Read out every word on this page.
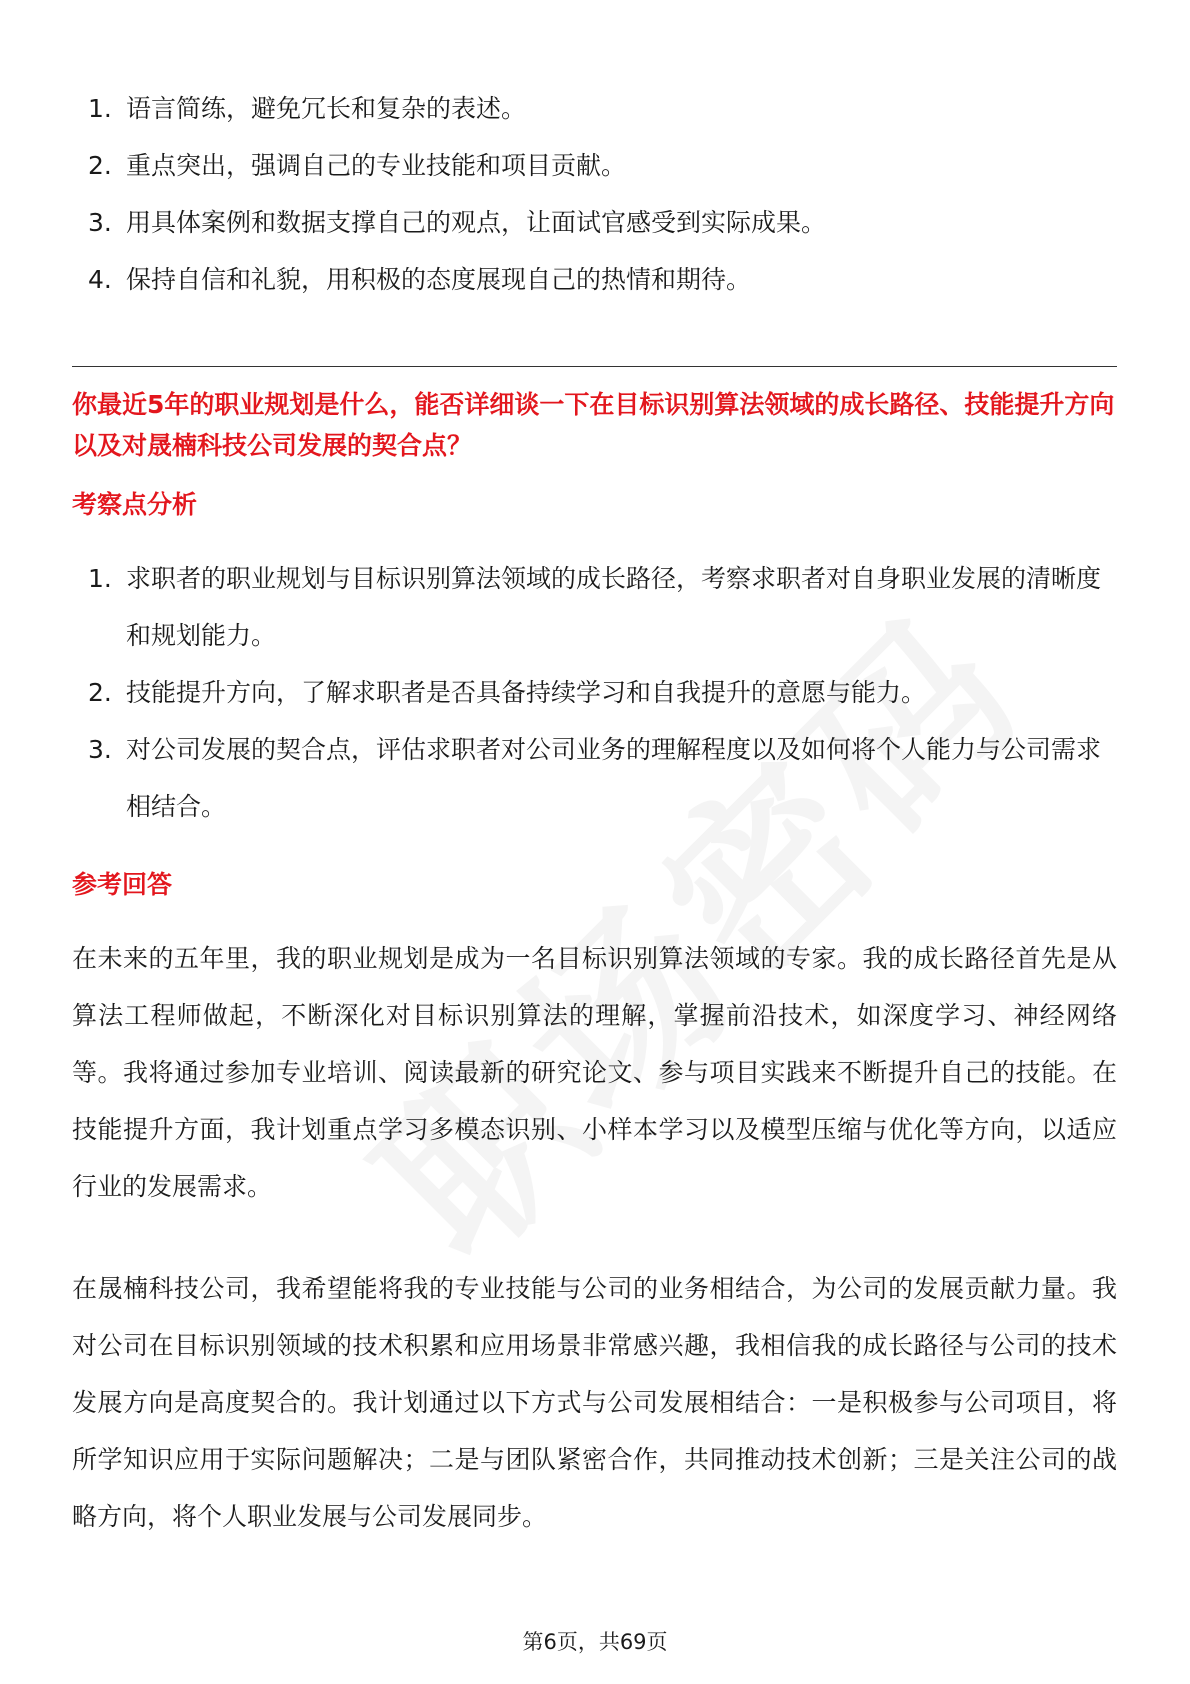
1. 语言简练，避免冗长和复杂的表述。
2. 重点突出，强调自己的专业技能和项目贡献。
3. 用具体案例和数据支撑自己的观点，让面试官感受到实际成果。
4. 保持自信和礼貌，用积极的态度展现自己的热情和期待。

你最近5年的职业规划是什么，能否详细谈一下在目标识别算法领域的成长路径、技能提升方向以及对晟楠科技公司发展的契合点？

考察点分析

1. 求职者的职业规划与目标识别算法领域的成长路径，考察求职者对自身职业发展的清晰度和规划能力。
2. 技能提升方向，了解求职者是否具备持续学习和自我提升的意愿与能力。
3. 对公司发展的契合点，评估求职者对公司业务的理解程度以及如何将个人能力与公司需求相结合。

参考回答

在未来的五年里，我的职业规划是成为一名目标识别算法领域的专家。我的成长路径首先是从算法工程师做起，不断深化对目标识别算法的理解，掌握前沿技术，如深度学习、神经网络等。我将通过参加专业培训、阅读最新的研究论文、参与项目实践来不断提升自己的技能。在技能提升方面，我计划重点学习多模态识别、小样本学习以及模型压缩与优化等方向，以适应行业的发展需求。

在晟楠科技公司，我希望能将我的专业技能与公司的业务相结合，为公司的发展贡献力量。我对公司在目标识别领域的技术积累和应用场景非常感兴趣，我相信我的成长路径与公司的技术发展方向是高度契合的。我计划通过以下方式与公司发展相结合：一是积极参与公司项目，将所学知识应用于实际问题解决；二是与团队紧密合作，共同推动技术创新；三是关注公司的战略方向，将个人职业发展与公司发展同步。

第6页，共69页
